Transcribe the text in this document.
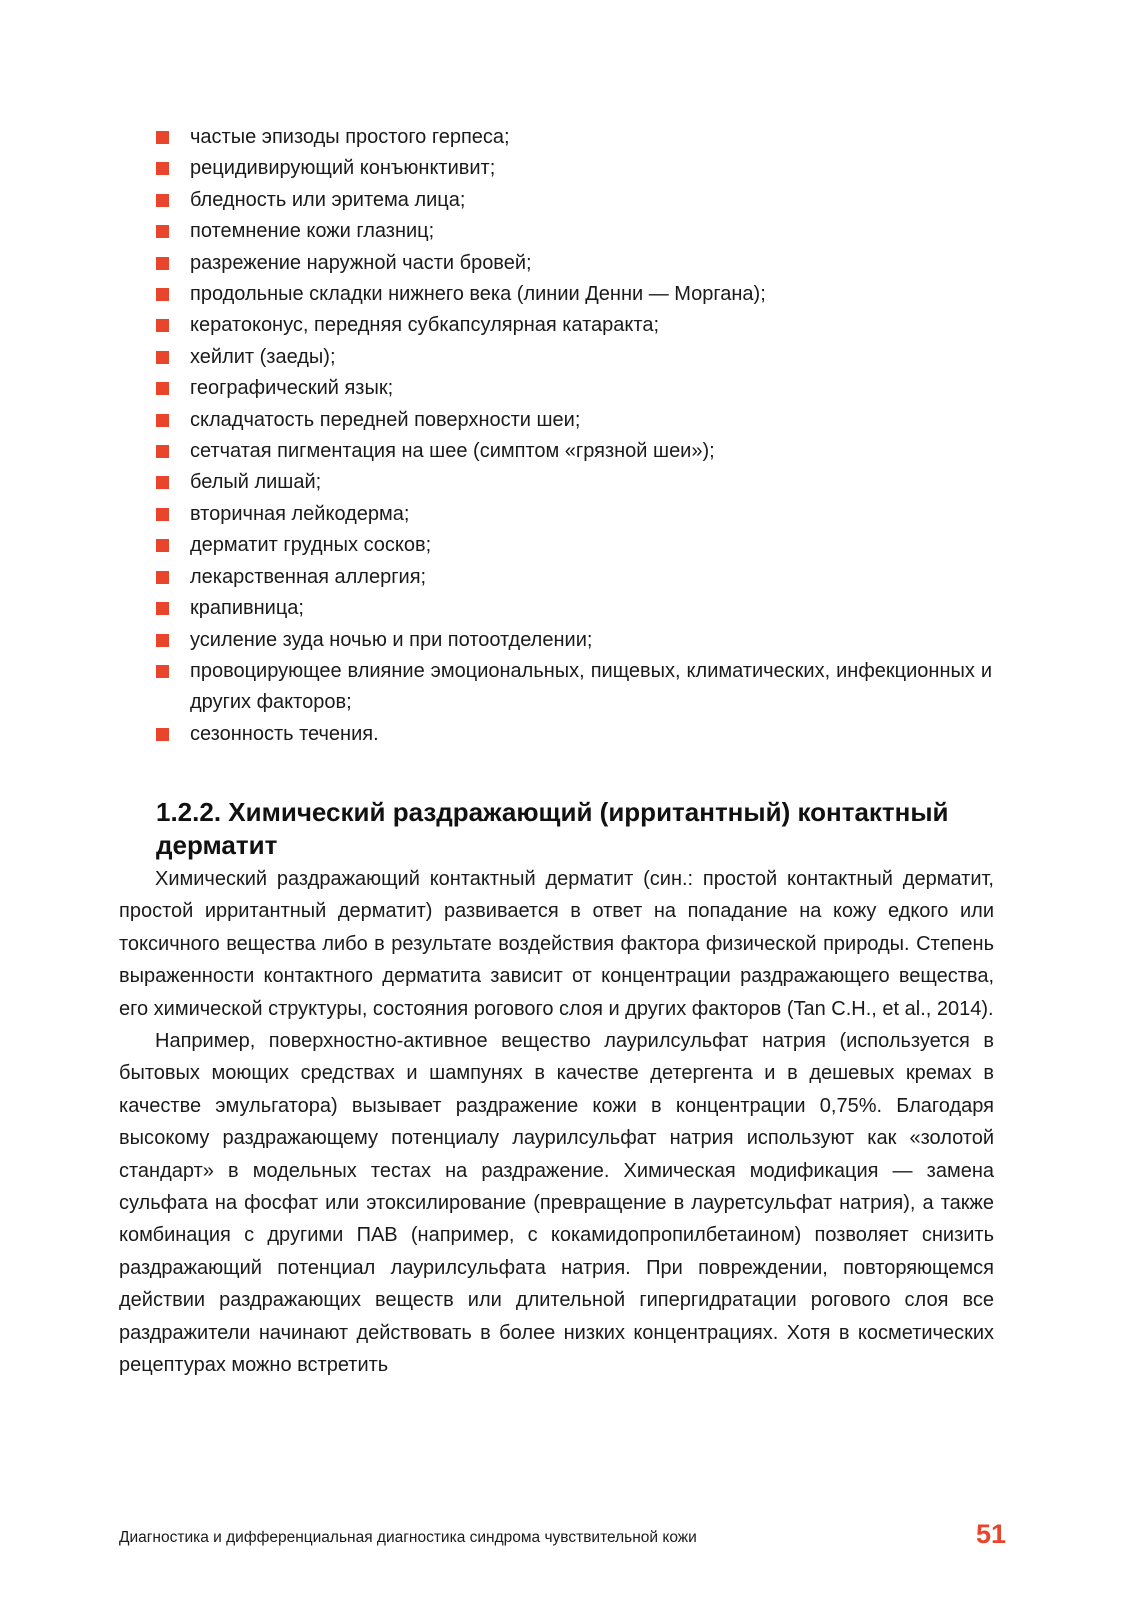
частые эпизоды простого герпеса;
рецидивирующий конъюнктивит;
бледность или эритема лица;
потемнение кожи глазниц;
разрежение наружной части бровей;
продольные складки нижнего века (линии Денни — Моргана);
кератоконус, передняя субкапсулярная катаракта;
хейлит (заеды);
географический язык;
складчатость передней поверхности шеи;
сетчатая пигментация на шее (симптом «грязной шеи»);
белый лишай;
вторичная лейкодерма;
дерматит грудных сосков;
лекарственная аллергия;
крапивница;
усиление зуда ночью и при потоотделении;
провоцирующее влияние эмоциональных, пищевых, климатических, инфекционных и других факторов;
сезонность течения.
1.2.2. Химический раздражающий (ирритантный) контактный дерматит

Химический раздражающий контактный дерматит (син.: простой контактный дерматит, простой ирритантный дерматит) развивается в ответ на попадание на кожу едкого или токсичного вещества либо в результате воздействия фактора физической природы. Степень выраженности контактного дерматита зависит от концентрации раздражающего вещества, его химической структуры, состояния рогового слоя и других факторов (Tan C.H., et al., 2014).

Например, поверхностно-активное вещество лаурилсульфат натрия (используется в бытовых моющих средствах и шампунях в качестве детергента и в дешевых кремах в качестве эмульгатора) вызывает раздражение кожи в концентрации 0,75%. Благодаря высокому раздражающему потенциалу лаурилсульфат натрия используют как «золотой стандарт» в модельных тестах на раздражение. Химическая модификация — замена сульфата на фосфат или этоксилирование (превращение в лауретсульфат натрия), а также комбинация с другими ПАВ (например, с кокамидопропилбетаином) позволяет снизить раздражающий потенциал лаурилсульфата натрия. При повреждении, повторяющемся действии раздражающих веществ или длительной гипергидратации рогового слоя все раздражители начинают действовать в более низких концентрациях. Хотя в косметических рецептурах можно встретить

Диагностика и дифференциальная диагностика синдрома чувствительной кожи	51
